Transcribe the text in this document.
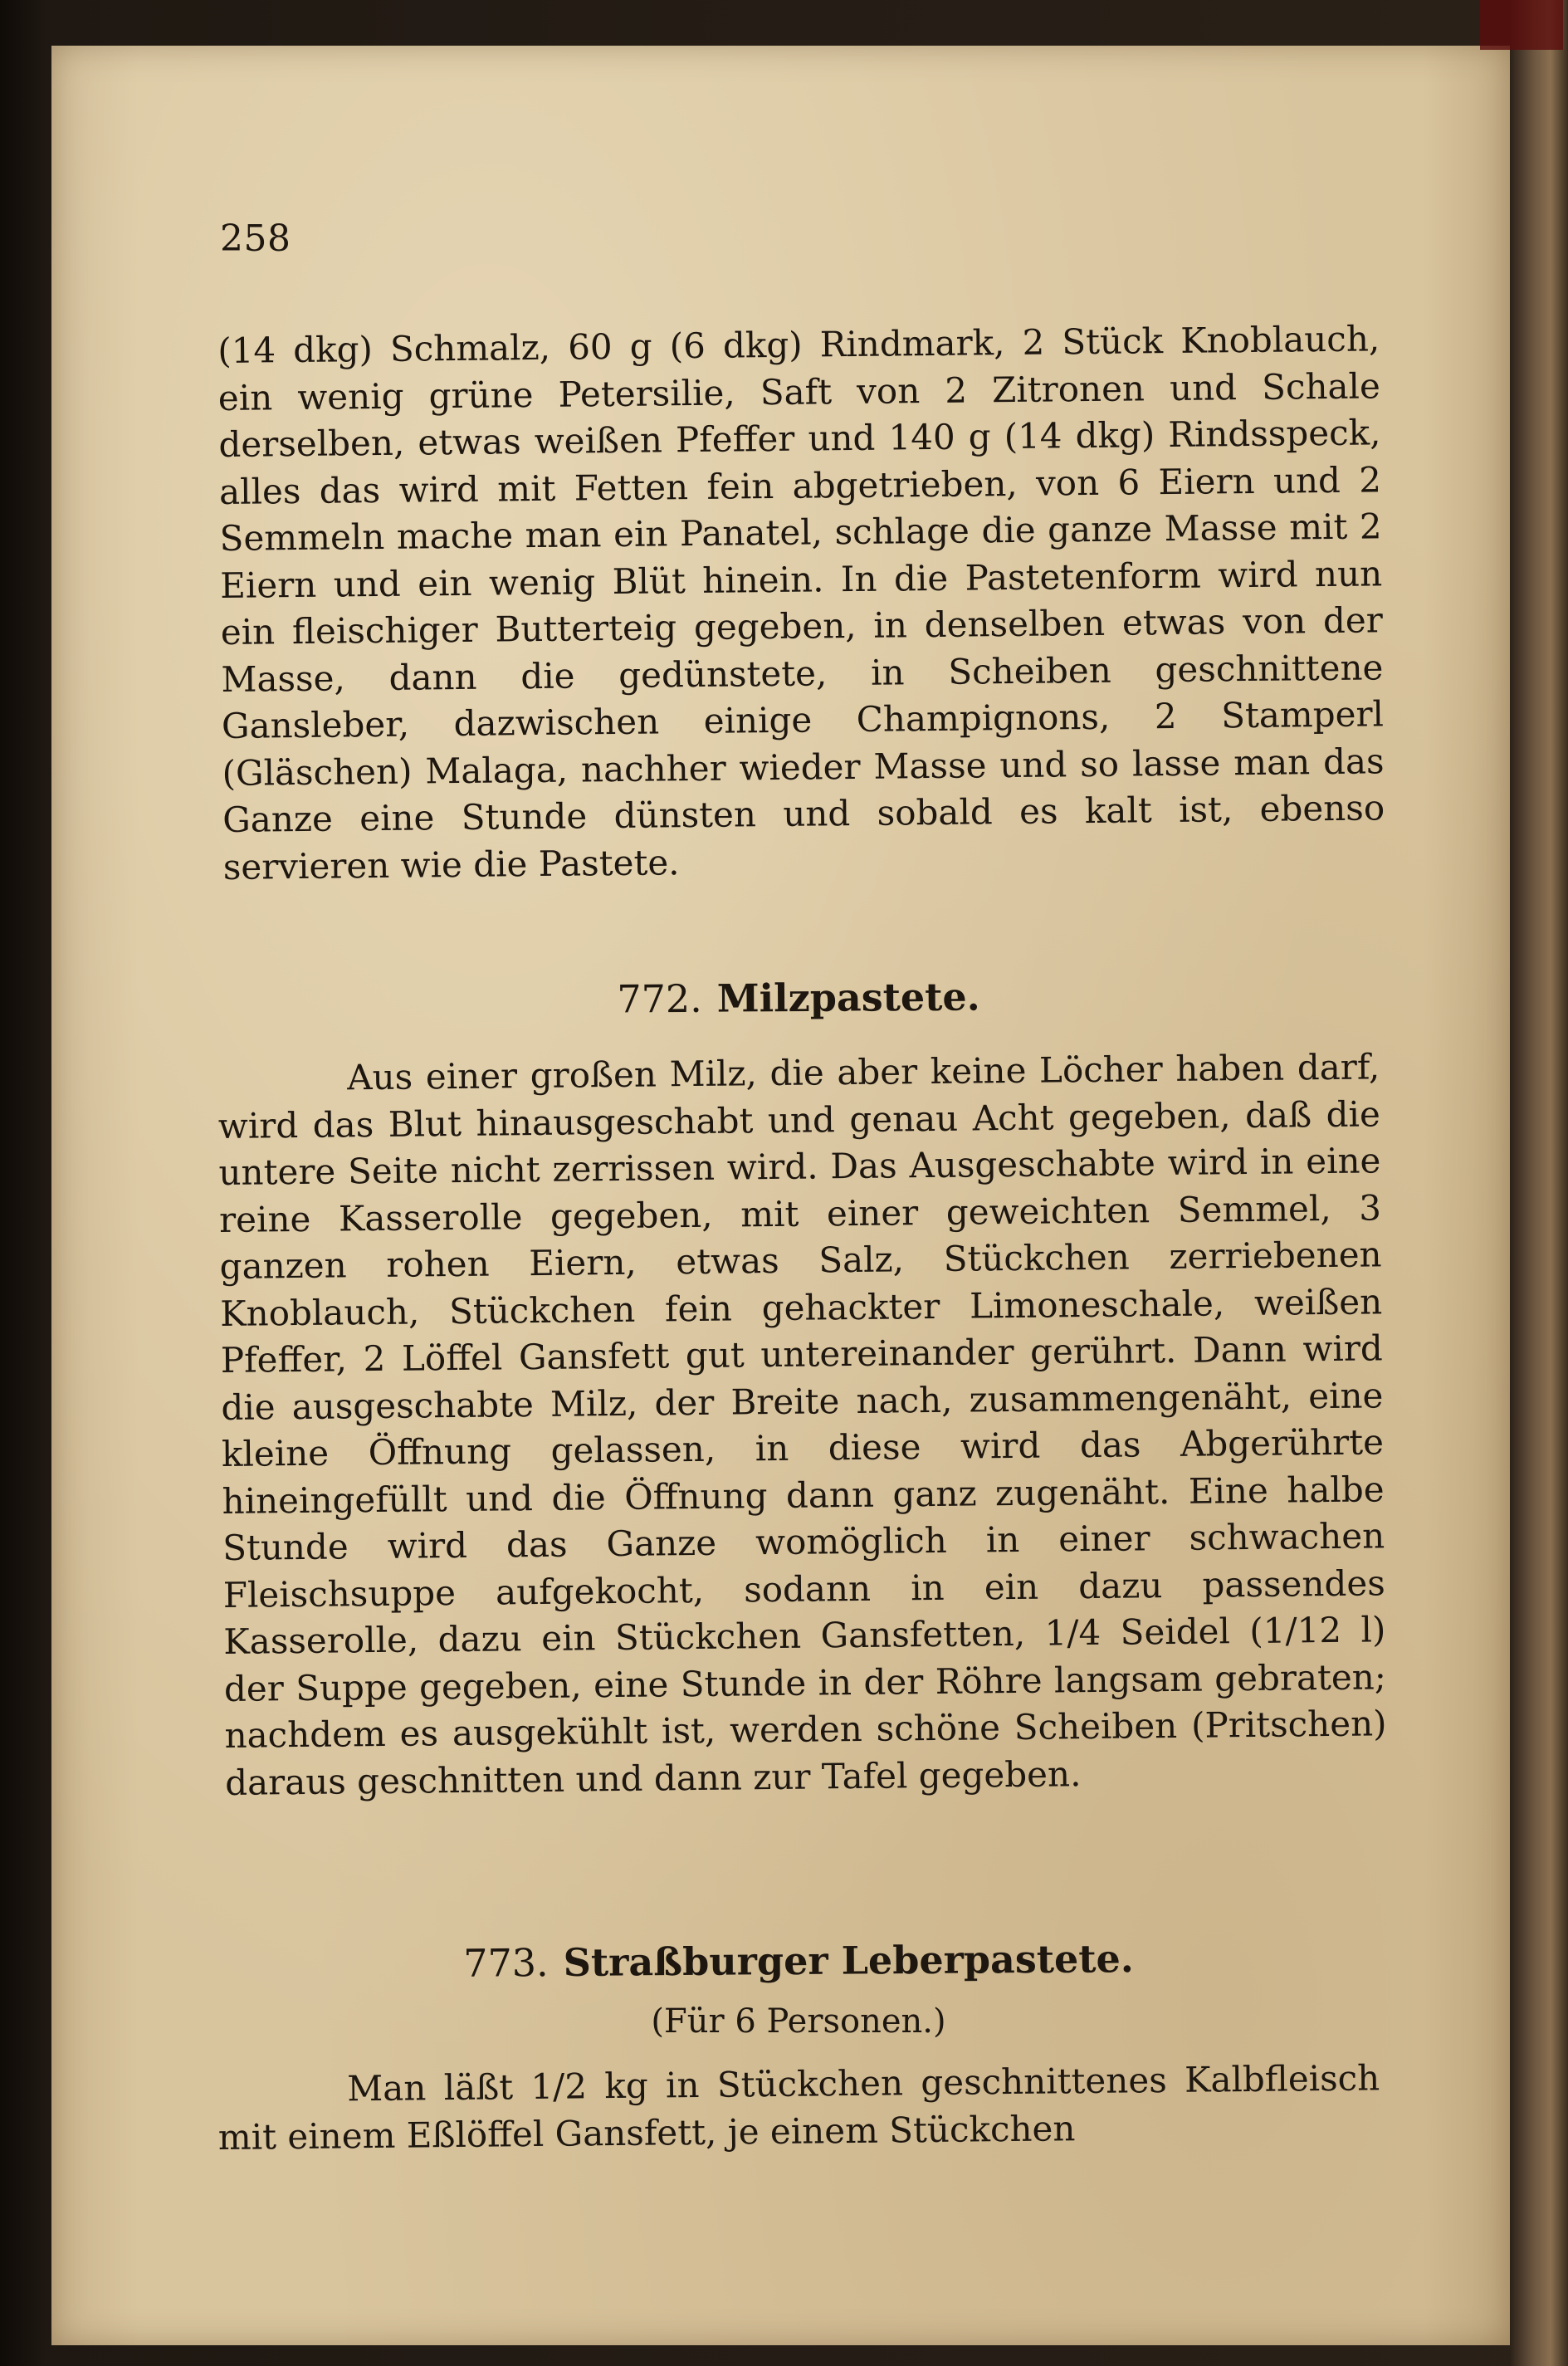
258
(14 dkg) Schmalz, 60 g (6 dkg) Rindmark, 2 Stück Knoblauch, ein wenig grüne Petersilie, Saft von 2 Zitronen und Schale derselben, etwas weißen Pfeffer und 140 g (14 dkg) Rindsspeck, alles das wird mit Fetten fein abgetrieben, von 6 Eiern und 2 Semmeln mache man ein Panatel, schlage die ganze Masse mit 2 Eiern und ein wenig Blüt hinein. In die Pastetenform wird nun ein fleischiger Butterteig gegeben, in denselben etwas von der Masse, dann die gedünstete, in Scheiben geschnittene Gansleber, dazwischen einige Champignons, 2 Stamperl (Gläschen) Malaga, nachher wieder Masse und so lasse man das Ganze eine Stunde dünsten und sobald es kalt ist, ebenso servieren wie die Pastete.
772. Milzpastete.
Aus einer großen Milz, die aber keine Löcher haben darf, wird das Blut hinausgeschabt und genau Acht gegeben, daß die untere Seite nicht zerrissen wird. Das Ausgeschabte wird in eine reine Kasserolle gegeben, mit einer geweichten Semmel, 3 ganzen rohen Eiern, etwas Salz, Stückchen zerriebenen Knoblauch, Stückchen fein gehackter Limoneschale, weißen Pfeffer, 2 Löffel Gansfett gut untereinander gerührt. Dann wird die ausgeschabte Milz, der Breite nach, zusammengenäht, eine kleine Öffnung gelassen, in diese wird das Abgerührte hineingefüllt und die Öffnung dann ganz zugenäht. Eine halbe Stunde wird das Ganze womöglich in einer schwachen Fleischsuppe aufgekocht, sodann in ein dazu passendes Kasserolle, dazu ein Stückchen Gansfetten, 1/4 Seidel (1/12 l) der Suppe gegeben, eine Stunde in der Röhre langsam gebraten; nachdem es ausgekühlt ist, werden schöne Scheiben (Pritschen) daraus geschnitten und dann zur Tafel gegeben.
773. Straßburger Leberpastete.
(Für 6 Personen.)
Man läßt 1/2 kg in Stückchen geschnittenes Kalbfleisch mit einem Eßlöffel Gansfett, je einem Stückchen
